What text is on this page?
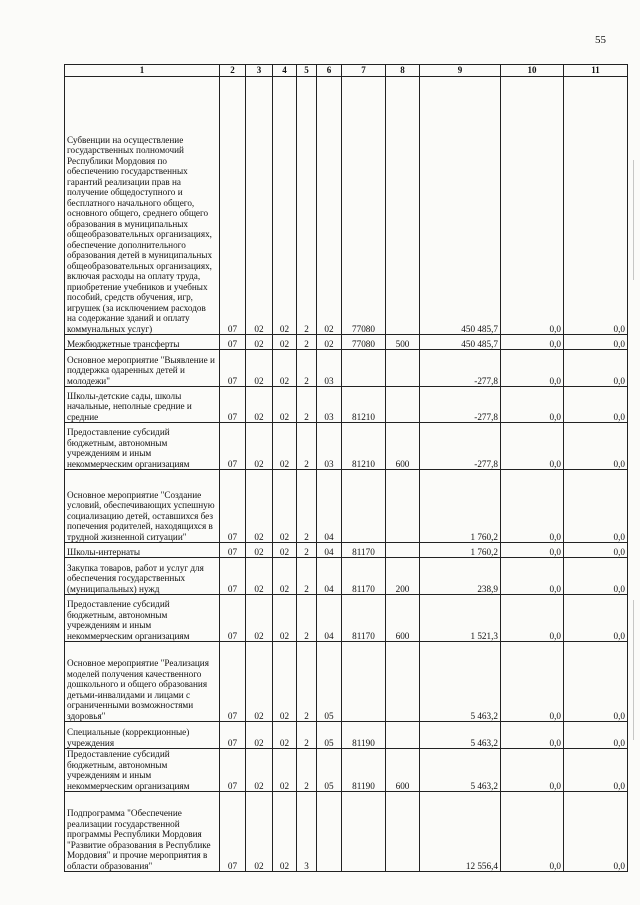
55
1	2	3	4	5	6	7	8	9	10	11
Субвенции на осуществление государственных полномочий Республики Мордовия по обеспечению государственных гарантий реализации прав на получение общедоступного и бесплатного начального общего, основного общего, среднего общего образования в муниципальных общеобразовательных организациях, обеспечение дополнительного образования детей в муниципальных общеобразовательных организациях, включая расходы на оплату труда, приобретение учебников и учебных пособий, средств обучения, игр, игрушек (за исключением расходов на содержание зданий и оплату коммунальных услуг)	07	02	02	2	02	77080		450 485,7	0,0	0,0
Межбюджетные трансферты	07	02	02	2	02	77080	500	450 485,7	0,0	0,0
Основное мероприятие "Выявление и поддержка одаренных детей и молодежи"	07	02	02	2	03			-277,8	0,0	0,0
Школы-детские сады, школы начальные, неполные средние и средние	07	02	02	2	03	81210		-277,8	0,0	0,0
Предоставление субсидий бюджетным, автономным учреждениям и иным некоммерческим организациям	07	02	02	2	03	81210	600	-277,8	0,0	0,0
Основное мероприятие "Создание условий, обеспечивающих успешную социализацию детей, оставшихся без попечения родителей, находящихся в трудной жизненной ситуации"	07	02	02	2	04			1 760,2	0,0	0,0
Школы-интернаты	07	02	02	2	04	81170		1 760,2	0,0	0,0
Закупка товаров, работ и услуг для обеспечения государственных (муниципальных) нужд	07	02	02	2	04	81170	200	238,9	0,0	0,0
Предоставление субсидий бюджетным, автономным учреждениям и иным некоммерческим организациям	07	02	02	2	04	81170	600	1 521,3	0,0	0,0
Основное мероприятие "Реализация моделей получения качественного дошкольного и общего образования детьми-инвалидами и лицами с ограниченными возможностями здоровья"	07	02	02	2	05			5 463,2	0,0	0,0
Специальные (коррекционные) учреждения	07	02	02	2	05	81190		5 463,2	0,0	0,0
Предоставление субсидий бюджетным, автономным учреждениям и иным некоммерческим организациям	07	02	02	2	05	81190	600	5 463,2	0,0	0,0
Подпрограмма "Обеспечение реализации государственной программы Республики Мордовия "Развитие образования в Республике Мордовия" и прочие мероприятия в области образования"	07	02	02	3				12 556,4	0,0	0,0
